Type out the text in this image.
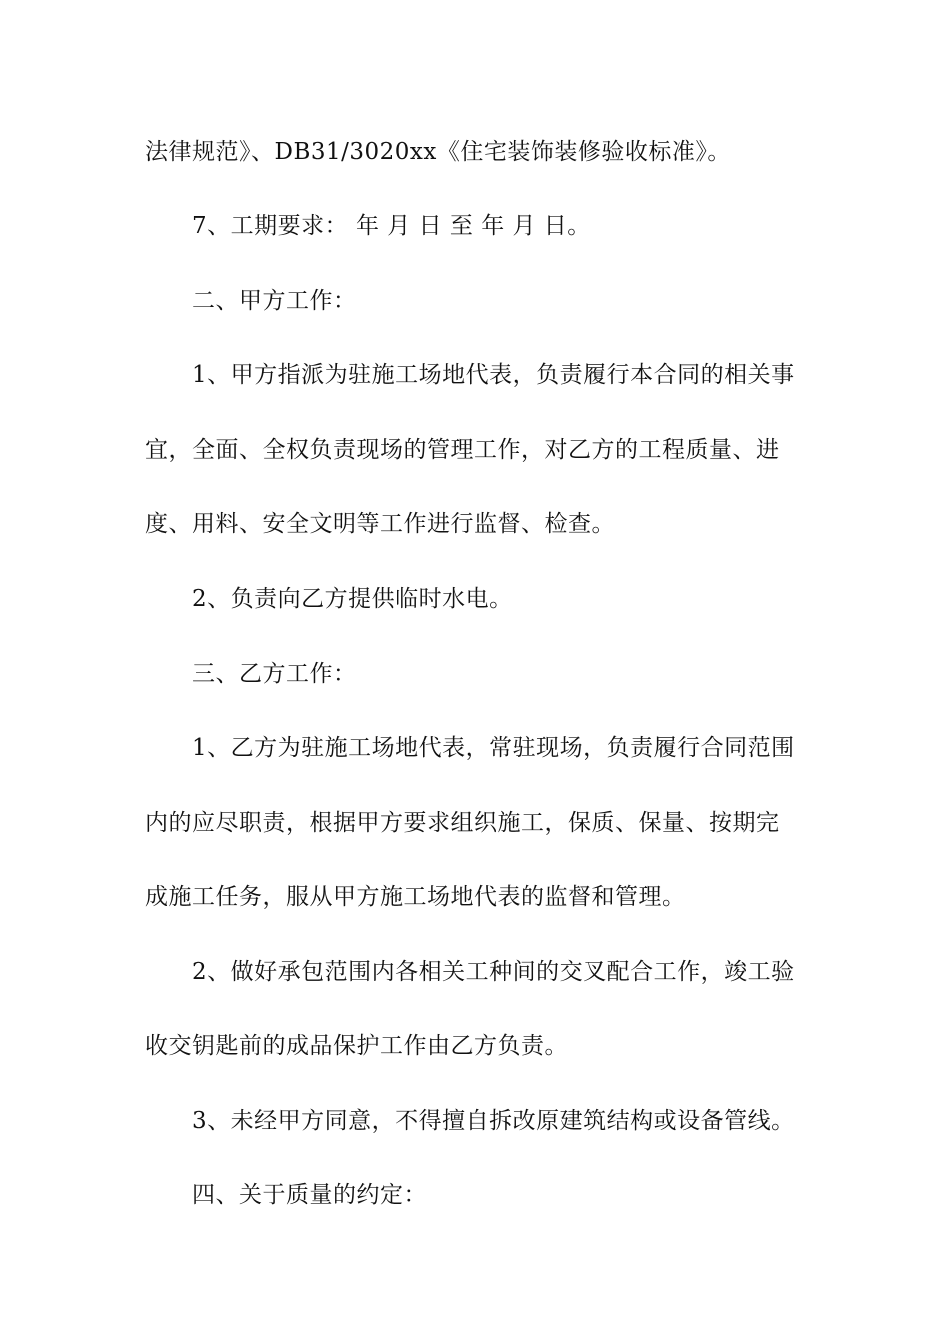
法律规范》、DB31/3020xx《住宅装饰装修验收标准》。
7、工期要求： 年 月 日 至 年 月 日。
二、甲方工作：
1、甲方指派为驻施工场地代表，负责履行本合同的相关事
宜，全面、全权负责现场的管理工作，对乙方的工程质量、进
度、用料、安全文明等工作进行监督、检查。
2、负责向乙方提供临时水电。
三、乙方工作：
1、乙方为驻施工场地代表，常驻现场，负责履行合同范围
内的应尽职责，根据甲方要求组织施工，保质、保量、按期完
成施工任务，服从甲方施工场地代表的监督和管理。
2、做好承包范围内各相关工种间的交叉配合工作，竣工验
收交钥匙前的成品保护工作由乙方负责。
3、未经甲方同意，不得擅自拆改原建筑结构或设备管线。
四、关于质量的约定：
